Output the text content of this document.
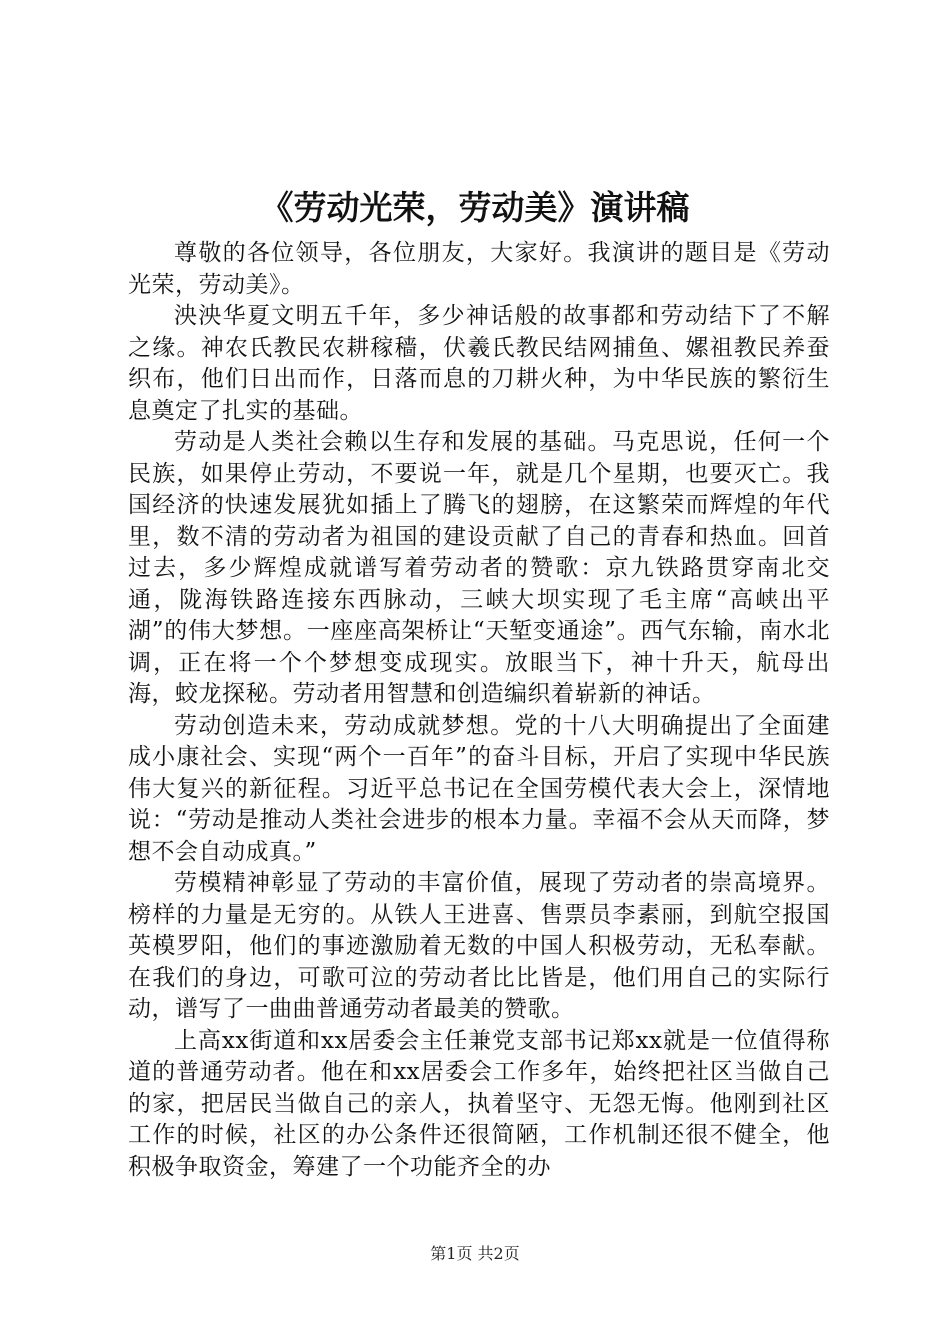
《劳动光荣，劳动美》演讲稿

尊敬的各位领导，各位朋友，大家好。我演讲的题目是《劳动光荣，劳动美》。

泱泱华夏文明五千年，多少神话般的故事都和劳动结下了不解之缘。神农氏教民农耕稼穑，伏羲氏教民结网捕鱼、嫘祖教民养蚕织布，他们日出而作，日落而息的刀耕火种，为中华民族的繁衍生息奠定了扎实的基础。

劳动是人类社会赖以生存和发展的基础。马克思说，任何一个民族，如果停止劳动，不要说一年，就是几个星期，也要灭亡。我国经济的快速发展犹如插上了腾飞的翅膀，在这繁荣而辉煌的年代里，数不清的劳动者为祖国的建设贡献了自己的青春和热血。回首过去，多少辉煌成就谱写着劳动者的赞歌：京九铁路贯穿南北交通，陇海铁路连接东西脉动，三峡大坝实现了毛主席“高峡出平湖”的伟大梦想。一座座高架桥让“天堑变通途”。西气东输，南水北调，正在将一个个梦想变成现实。放眼当下，神十升天，航母出海，蛟龙探秘。劳动者用智慧和创造编织着崭新的神话。

劳动创造未来，劳动成就梦想。党的十八大明确提出了全面建成小康社会、实现“两个一百年”的奋斗目标，开启了实现中华民族伟大复兴的新征程。习近平总书记在全国劳模代表大会上，深情地说：“劳动是推动人类社会进步的根本力量。幸福不会从天而降，梦想不会自动成真。”

劳模精神彰显了劳动的丰富价值，展现了劳动者的崇高境界。榜样的力量是无穷的。从铁人王进喜、售票员李素丽，到航空报国英模罗阳，他们的事迹激励着无数的中国人积极劳动，无私奉献。在我们的身边，可歌可泣的劳动者比比皆是，他们用自己的实际行动，谱写了一曲曲普通劳动者最美的赞歌。

上高xx街道和xx居委会主任兼党支部书记郑xx就是一位值得称道的普通劳动者。他在和xx居委会工作多年，始终把社区当做自己的家，把居民当做自己的亲人，执着坚守、无怨无悔。他刚到社区工作的时候，社区的办公条件还很简陋，工作机制还很不健全，他积极争取资金，筹建了一个功能齐全的办

第1页 共2页
